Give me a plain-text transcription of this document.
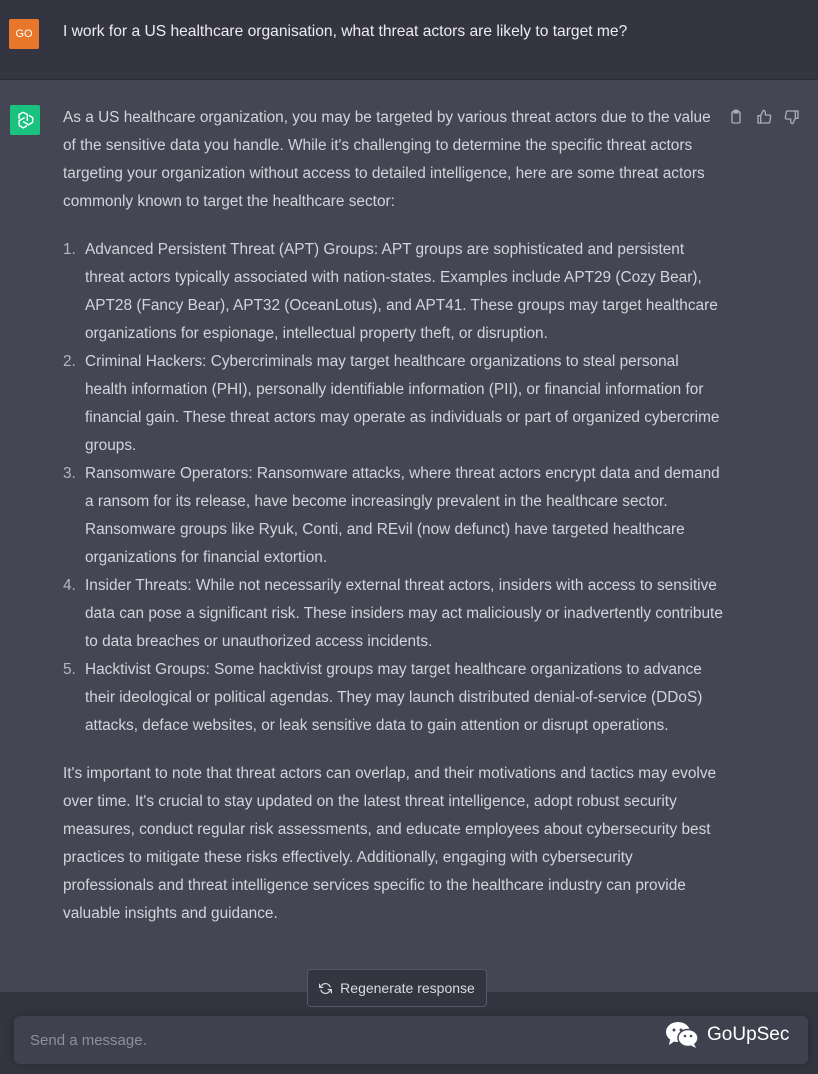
GO	I work for a US healthcare organisation, what threat actors are likely to target me?

As a US healthcare organization, you may be targeted by various threat actors due to the value of the sensitive data you handle. While it's challenging to determine the specific threat actors targeting your organization without access to detailed intelligence, here are some threat actors commonly known to target the healthcare sector:

1. Advanced Persistent Threat (APT) Groups: APT groups are sophisticated and persistent threat actors typically associated with nation-states. Examples include APT29 (Cozy Bear), APT28 (Fancy Bear), APT32 (OceanLotus), and APT41. These groups may target healthcare organizations for espionage, intellectual property theft, or disruption.
2. Criminal Hackers: Cybercriminals may target healthcare organizations to steal personal health information (PHI), personally identifiable information (PII), or financial information for financial gain. These threat actors may operate as individuals or part of organized cybercrime groups.
3. Ransomware Operators: Ransomware attacks, where threat actors encrypt data and demand a ransom for its release, have become increasingly prevalent in the healthcare sector. Ransomware groups like Ryuk, Conti, and REvil (now defunct) have targeted healthcare organizations for financial extortion.
4. Insider Threats: While not necessarily external threat actors, insiders with access to sensitive data can pose a significant risk. These insiders may act maliciously or inadvertently contribute to data breaches or unauthorized access incidents.
5. Hacktivist Groups: Some hacktivist groups may target healthcare organizations to advance their ideological or political agendas. They may launch distributed denial-of-service (DDoS) attacks, deface websites, or leak sensitive data to gain attention or disrupt operations.

It's important to note that threat actors can overlap, and their motivations and tactics may evolve over time. It's crucial to stay updated on the latest threat intelligence, adopt robust security measures, conduct regular risk assessments, and educate employees about cybersecurity best practices to mitigate these risks effectively. Additionally, engaging with cybersecurity professionals and threat intelligence services specific to the healthcare industry can provide valuable insights and guidance.

Regenerate response
Send a message.
GoUpSec
